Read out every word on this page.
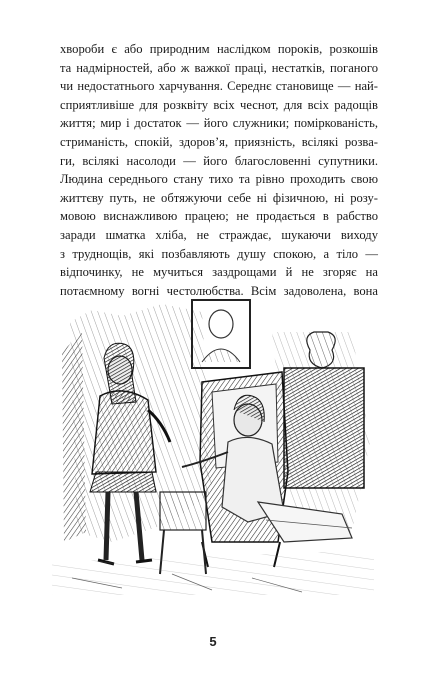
хвороби є або природним наслідком пороків, розкошів
та надмірностей, або ж важкої праці, нестатків, поганого
чи недостатнього харчування. Середнє становище — най-
сприятливіше для розквіту всіх чеснот, для всіх радощів
життя; мир і достаток — його служники; поміркованість,
стриманість, спокій, здоров’я, приязність, всілякі розва-
ги, всілякі насолоди — його благословенні супутники.
Людина середнього стану тихо та рівно проходить свою
життєву путь, не обтяжуючи себе ні фізичною, ні розу-
мовою виснажливою працею; не продається в рабство
заради шматка хліба, не страждає, шукаючи виходу
з труднощів, які позбавляють душу спокою, а тіло —
відпочинку, не мучиться заздрощами й не згоряє на
потаємному вогні честолюбства. Всім задоволена, вона
5
